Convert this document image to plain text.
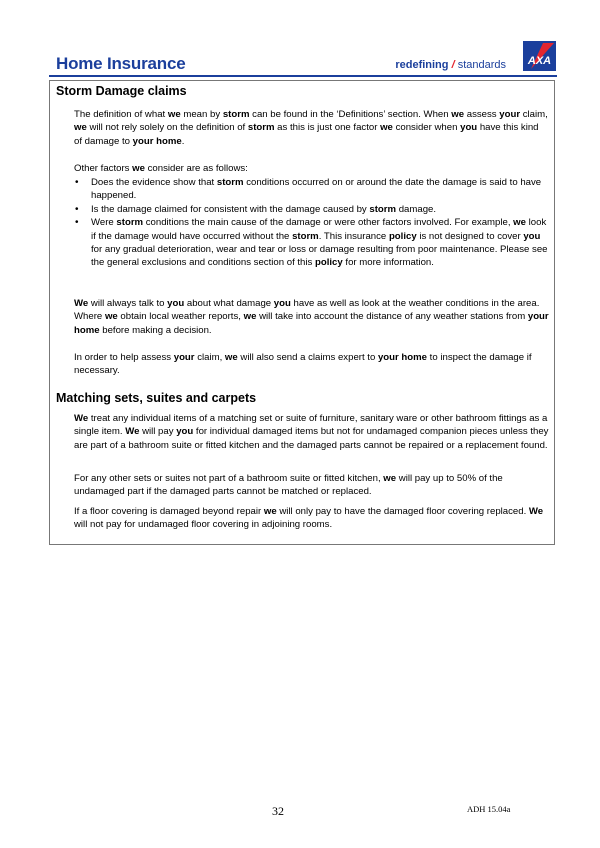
Home Insurance	redefining / standards AXA
Storm Damage claims

The definition of what we mean by storm can be found in the ‘Definitions’ section. When we assess your claim, we will not rely solely on the definition of storm as this is just one factor we consider when you have this kind of damage to your home.

Other factors we consider are as follows:

• Does the evidence show that storm conditions occurred on or around the date the damage is said to have happened.
• Is the damage claimed for consistent with the damage caused by storm damage.
• Were storm conditions the main cause of the damage or were other factors involved. For example, we look if the damage would have occurred without the storm. This insurance policy is not designed to cover you for any gradual deterioration, wear and tear or loss or damage resulting from poor maintenance. Please see the general exclusions and conditions section of this policy for more information.

We will always talk to you about what damage you have as well as look at the weather conditions in the area. Where we obtain local weather reports, we will take into account the distance of any weather stations from your home before making a decision.

In order to help assess your claim, we will also send a claims expert to your home to inspect the damage if necessary.

Matching sets, suites and carpets

We treat any individual items of a matching set or suite of furniture, sanitary ware or other bathroom fittings as a single item. We will pay you for individual damaged items but not for undamaged companion pieces unless they are part of a bathroom suite or fitted kitchen and the damaged parts cannot be repaired or a replacement found.

For any other sets or suites not part of a bathroom suite or fitted kitchen, we will pay up to 50% of the undamaged part if the damaged parts cannot be matched or replaced.

If a floor covering is damaged beyond repair we will only pay to have the damaged floor covering replaced. We will not pay for undamaged floor covering in adjoining rooms.

32	ADH 15.04a
